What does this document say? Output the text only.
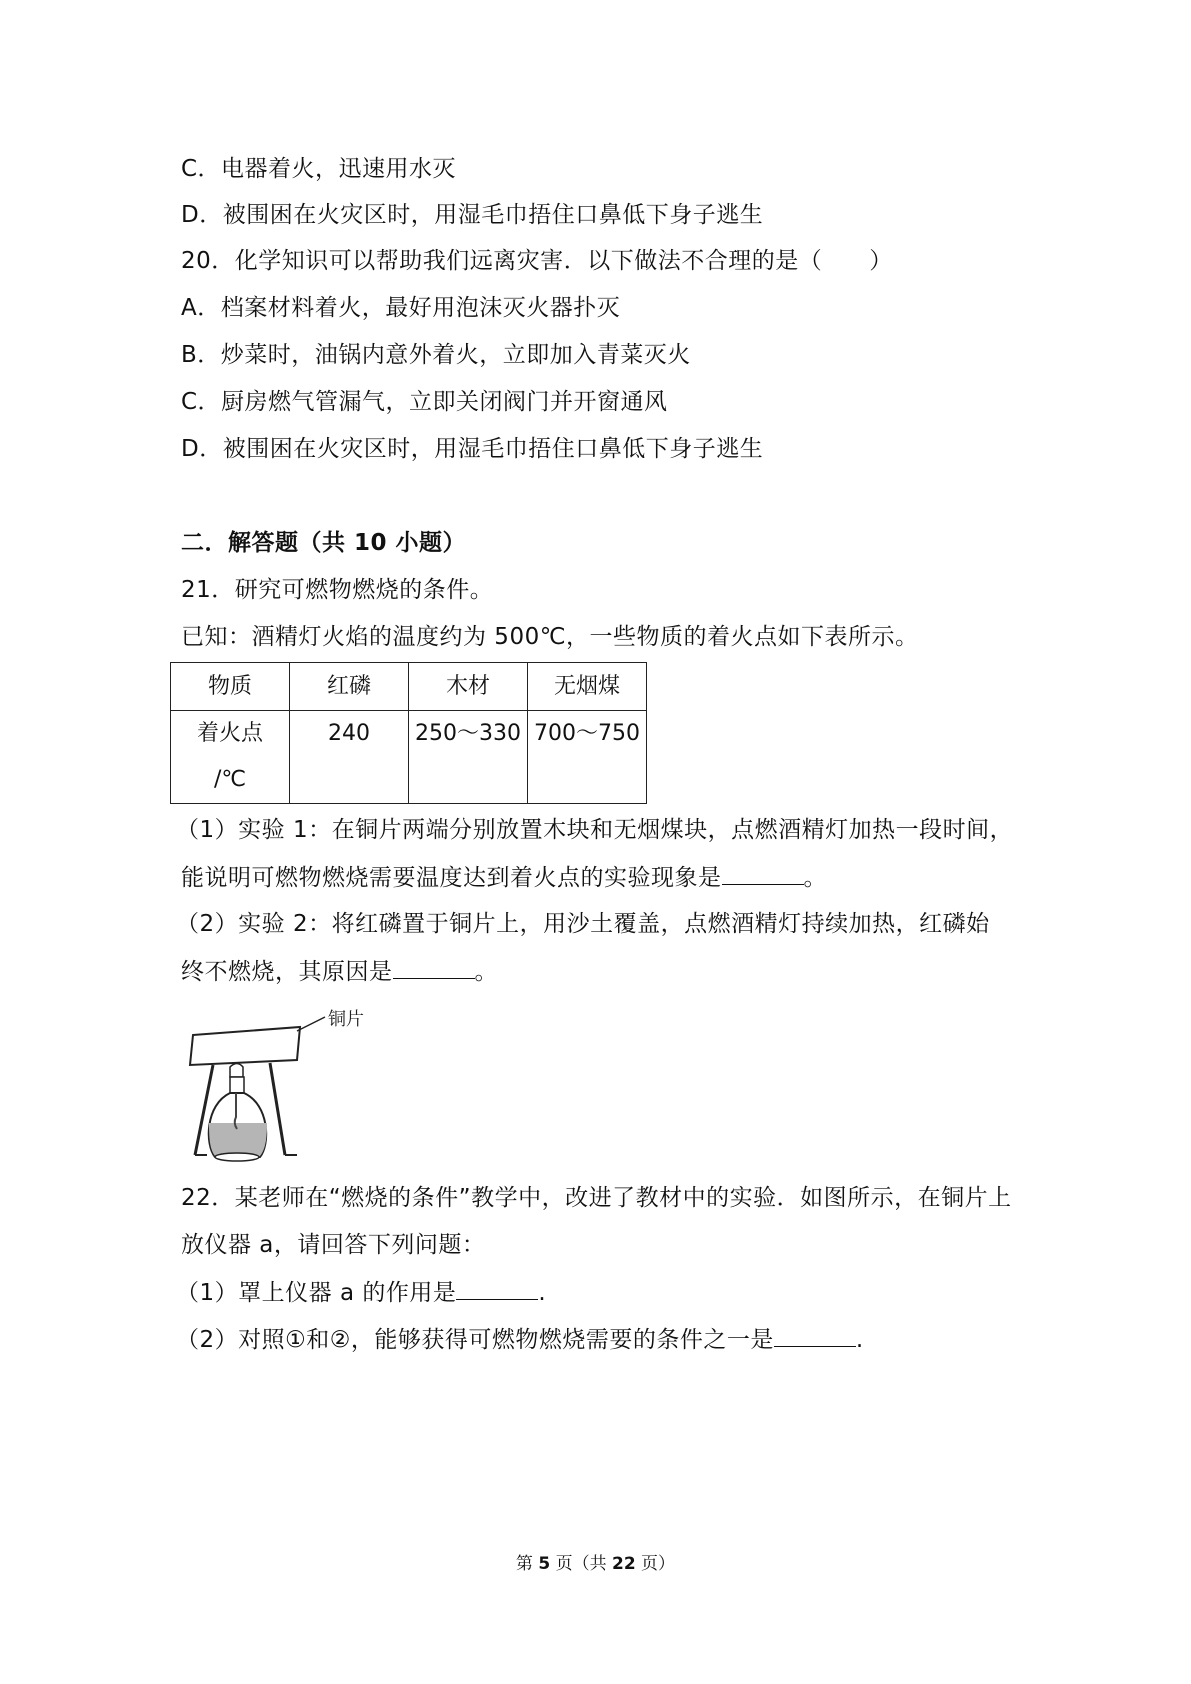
C．电器着火，迅速用水灭
D．被围困在火灾区时，用湿毛巾捂住口鼻低下身子逃生
20．化学知识可以帮助我们远离灾害．以下做法不合理的是（　　）
A．档案材料着火，最好用泡沫灭火器扑灭
B．炒菜时，油锅内意外着火，立即加入青菜灭火
C．厨房燃气管漏气，立即关闭阀门并开窗通风
D．被围困在火灾区时，用湿毛巾捂住口鼻低下身子逃生
二．解答题（共 10 小题）
21．研究可燃物燃烧的条件。
已知：酒精灯火焰的温度约为 500℃，一些物质的着火点如下表所示。
物质	红磷	木材	无烟煤

着火点
/℃	240	250～330	700～750
（1）实验 1：在铜片两端分别放置木块和无烟煤块，点燃酒精灯加热一段时间，
能说明可燃物燃烧需要温度达到着火点的实验现象是	。
（2）实验 2：将红磷置于铜片上，用沙土覆盖，点燃酒精灯持续加热，红磷始
终不燃烧，其原因是	。
铜片
22．某老师在“燃烧的条件”教学中，改进了教材中的实验．如图所示，在铜片上
放仪器 a，请回答下列问题：
（1）罩上仪器 a 的作用是	.
（2）对照①和②，能够获得可燃物燃烧需要的条件之一是	.
第 5 页（共 22 页）
